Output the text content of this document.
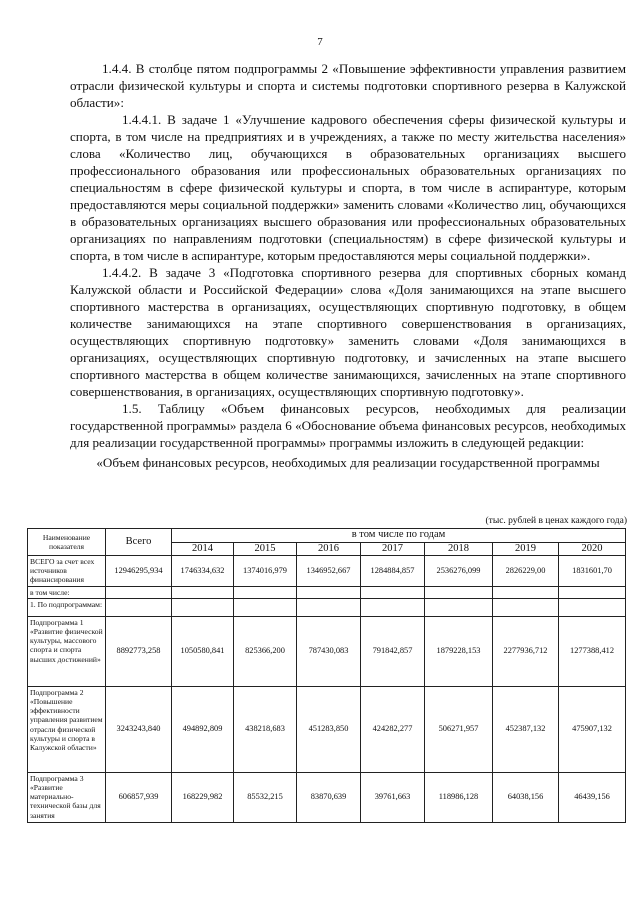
7

1.4.4. В столбце пятом подпрограммы 2 «Повышение эффективности управления развитием отрасли физической культуры и спорта и системы подготовки спортивного резерва в Калужской области»:

1.4.4.1. В задаче 1 «Улучшение кадрового обеспечения сферы физической культуры и спорта, в том числе на предприятиях и в учреждениях, а также по месту жительства населения» слова «Количество лиц, обучающихся в образовательных организациях высшего профессионального образования или профессиональных образовательных организациях по специальностям в сфере физической культуры и спорта, в том числе в аспирантуре, которым предоставляются меры социальной поддержки» заменить словами «Количество лиц, обучающихся в образовательных организациях высшего образования или профессиональных образовательных организациях по направлениям подготовки (специальностям) в сфере физической культуры и спорта, в том числе в аспирантуре, которым предоставляются меры социальной поддержки».

1.4.4.2. В задаче 3 «Подготовка спортивного резерва для спортивных сборных команд Калужской области и Российской Федерации» слова «Доля занимающихся на этапе высшего спортивного мастерства в организациях, осуществляющих спортивную подготовку, в общем количестве занимающихся на этапе спортивного совершенствования в организациях, осуществляющих спортивную подготовку» заменить словами «Доля занимающихся в организациях, осуществляющих спортивную подготовку, и зачисленных на этапе высшего спортивного мастерства в общем количестве занимающихся, зачисленных на этапе спортивного совершенствования, в организациях, осуществляющих спортивную подготовку».

1.5. Таблицу «Объем финансовых ресурсов, необходимых для реализации государственной программы» раздела 6 «Обоснование объема финансовых ресурсов, необходимых для реализации государственной программы» программы изложить в следующей редакции:

«Объем финансовых ресурсов, необходимых для реализации государственной программы

(тыс. рублей в ценах каждого года)
Наименование показателя	Всего	в том числе по годам						
		2014	2015	2016	2017	2018	2019	2020
ВСЕГО за счет всех источников финансирования	12946295,934	1746334,632	1374016,979	1346952,667	1284884,857	2536276,099	2826229,00	1831601,70
в том числе:								
1. По подпрограммам:								
Подпрограмма 1 «Развитие физической культуры, массового спорта и спорта высших достижений»	8892773,258	1050580,841	825366,200	787430,083	791842,857	1879228,153	2277936,712	1277388,412
Подпрограмма 2 «Повышение эффективности управления развитием отрасли физической культуры и спорта в Калужской области»	3243243,840	494892,809	438218,683	451283,850	424282,277	506271,957	452387,132	475907,132
Подпрограмма 3 «Развитие материально-технической базы для занятия	606857,939	168229,982	85532,215	83870,639	39761,663	118986,128	64038,156	46439,156
